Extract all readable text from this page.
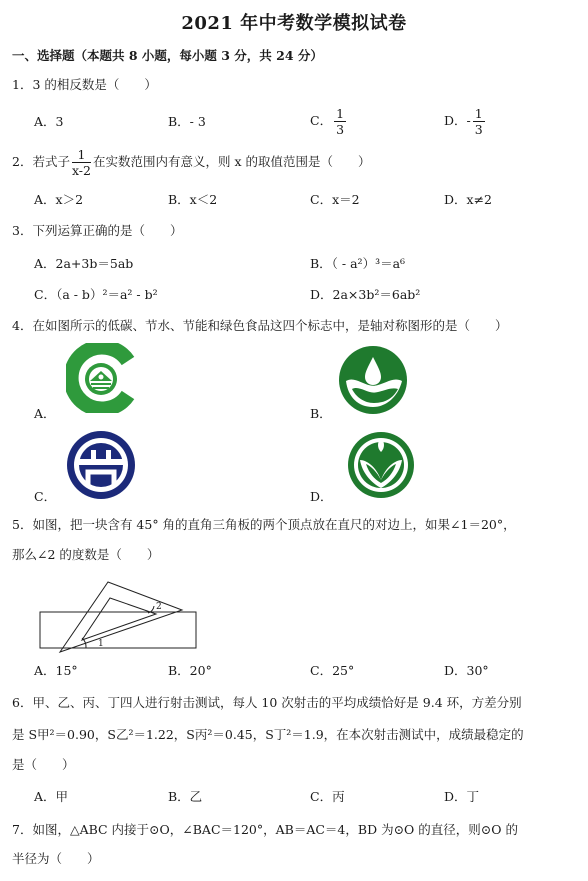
2021 年中考数学模拟试卷
一、选择题（本题共 8 小题，每小题 3 分，共 24 分）
1．3 的相反数是（　　）
A．3	B．- 3	C． $\frac{1}{3}$	D．- $\frac{1}{3}$
2．若式子 $\frac{1}{x-2}$ 在实数范围内有意义，则 x 的取值范围是（　　）
A．x＞2	B．x＜2	C．x＝2	D．x≠2
3．下列运算正确的是（　　）
A．2a+3b＝5ab	B．（ - a²）³＝a⁶
C．（a - b）²＝a² - b²	D．2a×3b²＝6ab²
4．在如图所示的低碳、节水、节能和绿色食品这四个标志中，是轴对称图形的是（　　）
A．	B．
C．	D．
5．如图，把一块含有 45° 角的直角三角板的两个顶点放在直尺的对边上，如果∠1＝20°，
那么∠2 的度数是（　　）
1
2
A．15°	B．20°	C．25°	D．30°
6．甲、乙、丙、丁四人进行射击测试，每人 10 次射击的平均成绩恰好是 9.4 环，方差分别
是 S甲²＝0.90，S乙²＝1.22，S丙²＝0.45，S丁²＝1.9，在本次射击测试中，成绩最稳定的
是（　　）
A．甲	B．乙	C．丙	D．丁
7．如图，△ABC 内接于⊙O，∠BAC＝120°，AB＝AC＝4，BD 为⊙O 的直径，则⊙O 的
半径为（　　）
